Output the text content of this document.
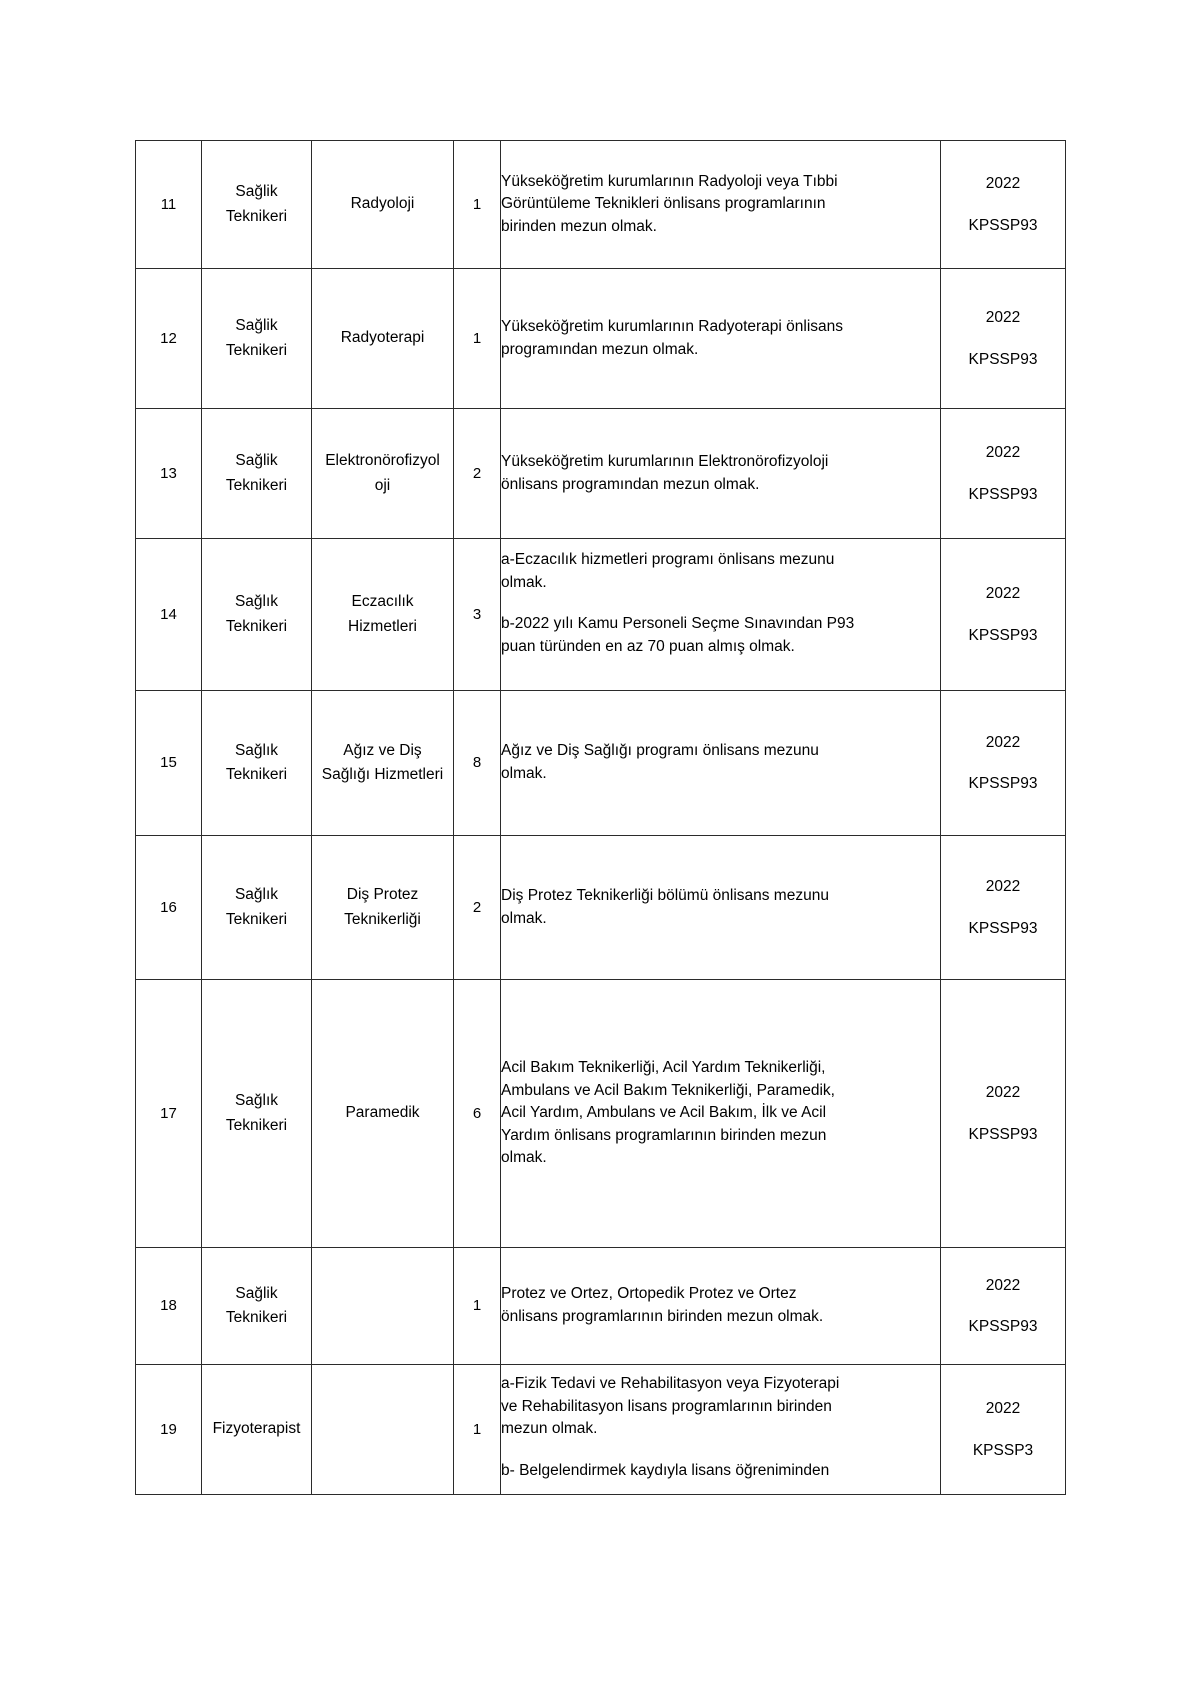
11	Sağlik
Teknikeri	Radyoloji	1	Yükseköğretim kurumlarının Radyoloji veya Tıbbi
Görüntüleme Teknikleri önlisans programlarının
birinden mezun olmak.	2022
KPSSP93

12	Sağlik
Teknikeri	Radyoterapi	1	Yükseköğretim kurumlarının Radyoterapi önlisans
programından mezun olmak.	2022
KPSSP93

13	Sağlik
Teknikeri	Elektronörofizyol
oji	2	Yükseköğretim kurumlarının Elektronörofizyoloji
önlisans programından mezun olmak.	2022
KPSSP93

14	Sağlık
Teknikeri	Eczacılık
Hizmetleri	3	a-Eczacılık hizmetleri programı önlisans mezunu
olmak.
b-2022 yılı Kamu Personeli Seçme Sınavından P93
puan türünden en az 70 puan almış olmak.	2022
KPSSP93

15	Sağlık
Teknikeri	Ağız ve Diş
Sağlığı Hizmetleri	8	Ağız ve Diş Sağlığı programı önlisans mezunu
olmak.	2022
KPSSP93

16	Sağlık
Teknikeri	Diş Protez
Teknikerliği	2	Diş Protez Teknikerliği bölümü önlisans mezunu
olmak.	2022
KPSSP93

17	Sağlık
Teknikeri	Paramedik	6	Acil Bakım Teknikerliği, Acil Yardım Teknikerliği,
Ambulans ve Acil Bakım Teknikerliği, Paramedik,
Acil Yardım, Ambulans ve Acil Bakım, İlk ve Acil
Yardım önlisans programlarının birinden mezun
olmak.	2022
KPSSP93

18	Sağlik
Teknikeri		1	Protez ve Ortez, Ortopedik Protez ve Ortez
önlisans programlarının birinden mezun olmak.	2022
KPSSP93

19	Fizyoterapist		1	a-Fizik Tedavi ve Rehabilitasyon veya Fizyoterapi
ve Rehabilitasyon lisans programlarının birinden
mezun olmak.
b- Belgelendirmek kaydıyla lisans öğreniminden	2022
KPSSP3
